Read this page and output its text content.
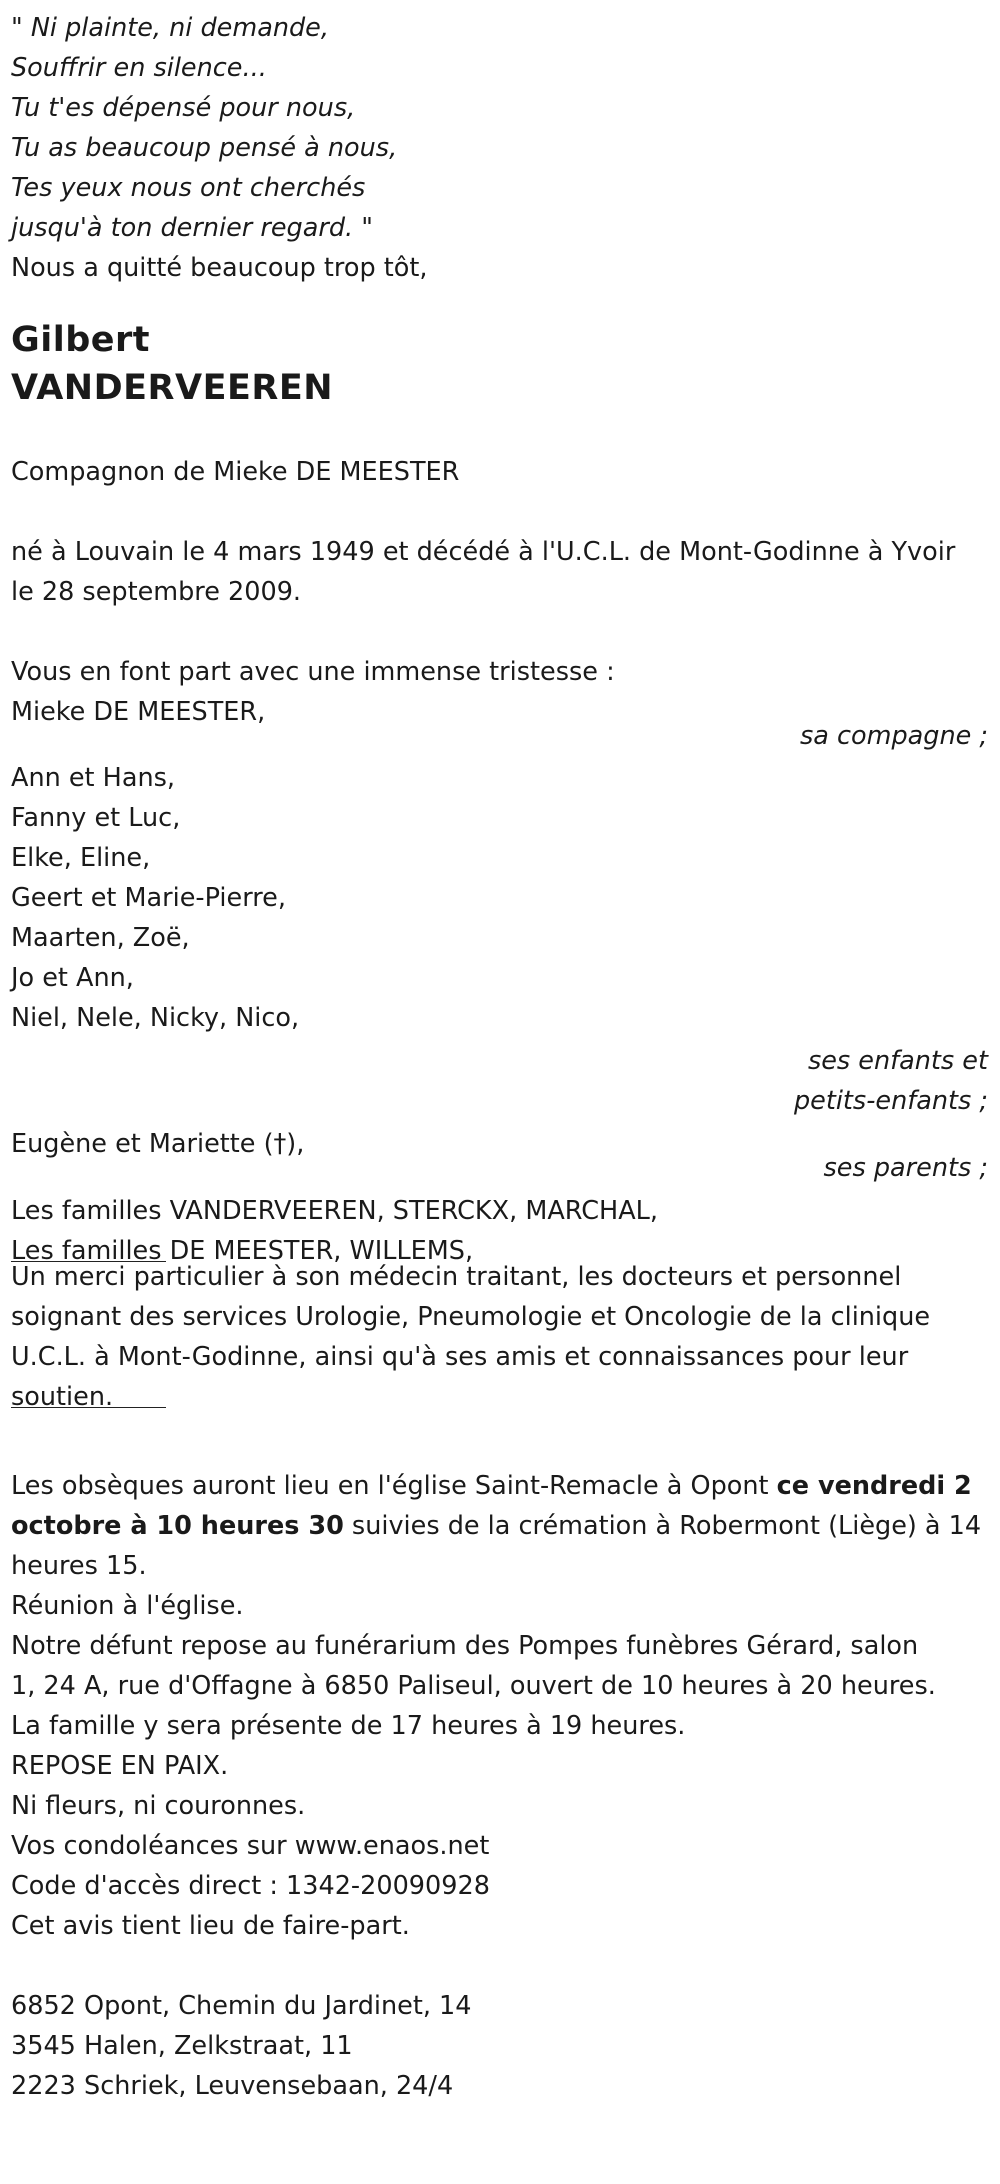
" Ni plainte, ni demande,
Souffrir en silence...
Tu t'es dépensé pour nous,
Tu as beaucoup pensé à nous,
Tes yeux nous ont cherchés
jusqu'à ton dernier regard. "
Nous a quitté beaucoup trop tôt,
Gilbert
VANDERVEEREN
Compagnon de Mieke DE MEESTER
né à Louvain le 4 mars 1949 et décédé à l'U.C.L. de Mont-Godinne à Yvoir
le 28 septembre 2009.
Vous en font part avec une immense tristesse :
Mieke DE MEESTER,
sa compagne ;
Ann et Hans,
Fanny et Luc,
Elke, Eline,
Geert et Marie-Pierre,
Maarten, Zoë,
Jo et Ann,
Niel, Nele, Nicky, Nico,
ses enfants et
petits-enfants ;
Eugène et Mariette (†),
ses parents ;
Les familles VANDERVEEREN, STERCKX, MARCHAL,
Les familles DE MEESTER, WILLEMS,
Un merci particulier à son médecin traitant, les docteurs et personnel
soignant des services Urologie, Pneumologie et Oncologie de la clinique
U.C.L. à Mont-Godinne, ainsi qu'à ses amis et connaissances pour leur
soutien.
Les obsèques auront lieu en l'église Saint-Remacle à Opont ce vendredi 2
octobre à 10 heures 30 suivies de la crémation à Robermont (Liège) à 14
heures 15.
Réunion à l'église.
Notre défunt repose au funérarium des Pompes funèbres Gérard, salon
1, 24 A, rue d'Offagne à 6850 Paliseul, ouvert de 10 heures à 20 heures.
La famille y sera présente de 17 heures à 19 heures.
REPOSE EN PAIX.
Ni fleurs, ni couronnes.
Vos condoléances sur www.enaos.net
Code d'accès direct : 1342-20090928
Cet avis tient lieu de faire-part.
6852 Opont, Chemin du Jardinet, 14
3545 Halen, Zelkstraat, 11
2223 Schriek, Leuvensebaan, 24/4
